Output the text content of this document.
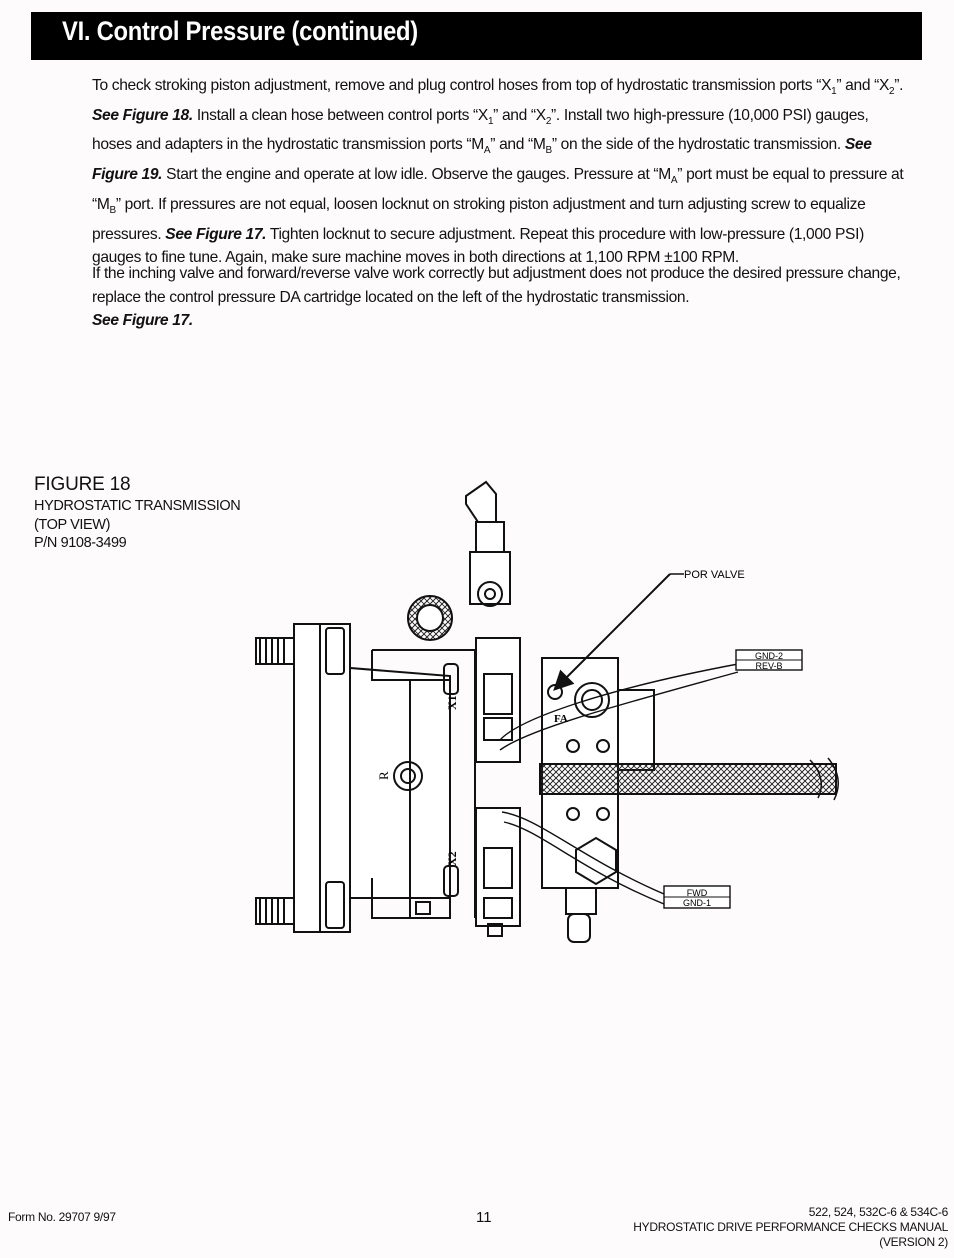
VI. Control Pressure (continued)
To check stroking piston adjustment, remove and plug control hoses from top of hydrostatic transmission ports “$X_1$” and “$X_2$”. See Figure 18. Install a clean hose between control ports “$X_1$” and “$X_2$”. Install two high-pressure (10,000 PSI) gauges, hoses and adapters in the hydrostatic transmission ports “$M_A$” and “$M_B$” on the side of the hydrostatic transmission. See Figure 19. Start the engine and operate at low idle. Observe the gauges. Pressure at “$M_A$” port must be equal to pressure at “$M_B$” port. If pressures are not equal, loosen locknut on stroking piston adjustment and turn adjusting screw to equalize pressures. See Figure 17. Tighten locknut to secure adjustment. Repeat this procedure with low-pressure (1,000 PSI) gauges to fine tune. Again, make sure machine moves in both directions at 1,100 RPM ±100 RPM.
If the inching valve and forward/reverse valve work correctly but adjustment does not produce the desired pressure change, replace the control pressure DA cartridge located on the left of the hydrostatic transmission.
See Figure 17.
FIGURE 18
HYDROSTATIC TRANSMISSION
(TOP VIEW)
P/N 9108-3499
POR VALVE
GND-2
REV-B
FWD
GND-1
X1
X2
R
FA
Form No. 29707 9/97	11	522, 524, 532C-6 & 534C-6
HYDROSTATIC DRIVE PERFORMANCE CHECKS MANUAL
(VERSION 2)
